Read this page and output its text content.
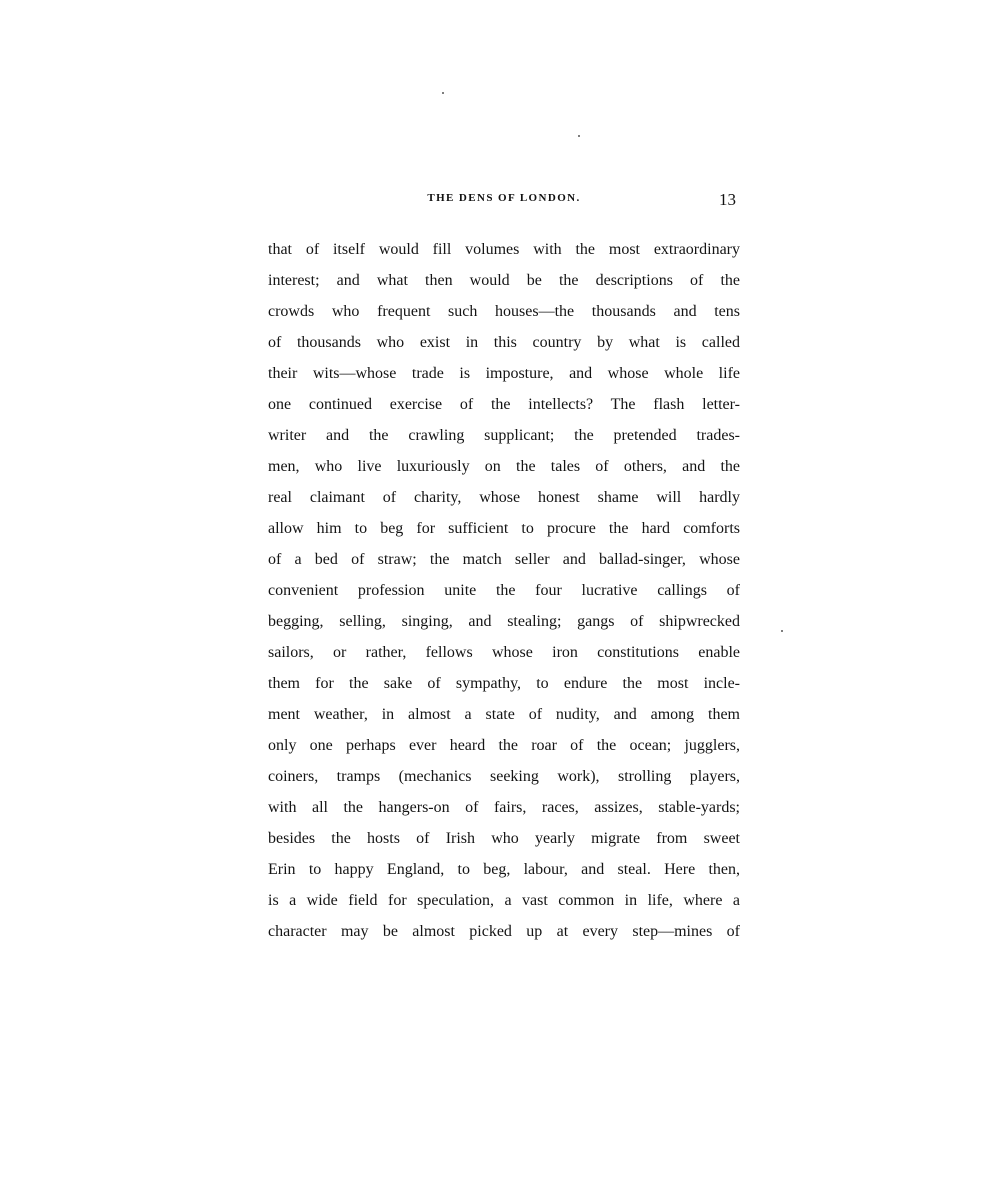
THE DENS OF LONDON.	13
that of itself would fill volumes with the most extraordinary
interest; and what then would be the descriptions of the
crowds who frequent such houses—the thousands and tens
of thousands who exist in this country by what is called
their wits—whose trade is imposture, and whose whole life
one continued exercise of the intellects? The flash letter-
writer and the crawling supplicant; the pretended trades-
men, who live luxuriously on the tales of others, and the
real claimant of charity, whose honest shame will hardly
allow him to beg for sufficient to procure the hard comforts
of a bed of straw; the match seller and ballad-singer, whose
convenient profession unite the four lucrative callings of
begging, selling, singing, and stealing; gangs of shipwrecked
sailors, or rather, fellows whose iron constitutions enable
them for the sake of sympathy, to endure the most incle-
ment weather, in almost a state of nudity, and among them
only one perhaps ever heard the roar of the ocean; jugglers,
coiners, tramps (mechanics seeking work), strolling players,
with all the hangers-on of fairs, races, assizes, stable-yards;
besides the hosts of Irish who yearly migrate from sweet
Erin to happy England, to beg, labour, and steal. Here then,
is a wide field for speculation, a vast common in life, where a
character may be almost picked up at every step—mines of
